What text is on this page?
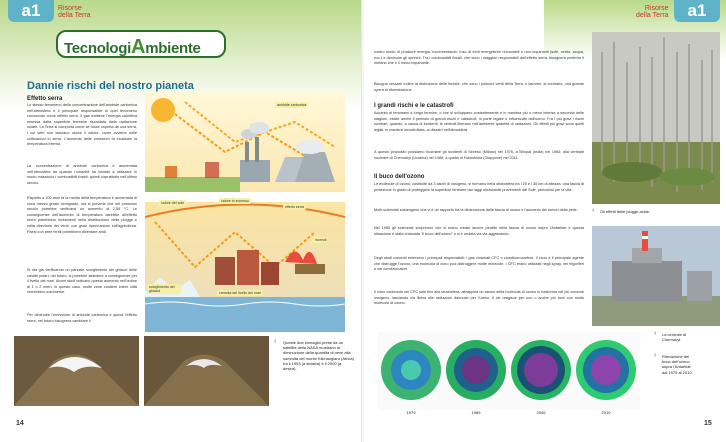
a1	Risorse
della Terra
TecnologiAmbiente
Dannie rischi del nostro pianeta
Effetto serra
Lo stesso fenomeno della concentrazione dell'anidride carbonica nell'atmosfera è il principale responsabile di quel fenomeno conosciuto come effetto serra. Il gas trattiene l'energia calorifica emessa dalla superficie terrestre riscaldata dalla radiazione solare. La Terra si comporta come se fosse coperta da una serra, i cui vetri non lasciano uscire il calore, come avviene nelle coltivazioni in serra. L'aumento delle emissioni fa innalzare la temperatura interna.
La concentrazione di anidride carbonica è aumentata nell'atmosfera da quando l'umanità ha iniziato a utilizzare in modo massiccio i combustibili fossili, quindi soprattutto nell'ultimo secolo.
Rispetto a 100 anni fa la media della temperatura è aumentata di circa mezzo grado centigrado, ma si prevede che nel prossimo secolo potrebbe verificarsi un aumento di 2,55 °C. Le conseguenze dell'aumento di temperatura darebbe all'effetto serra potrebbero mutamenti nella distribuzione delle piogge e nella direzione dei venti, con gravi ripercussioni sull'agricoltura. Paesi con aree fertili potrebbero diventare aridi.
Si sta già verificando un parziale scioglimento dei ghiacci delle calotte polari, nel futuro, si potrebbe assistere a conseguenze per il livello dei mari. Alcuni studi indicano questo aumento nell'ordine di 1 o 2 metri, in questo caso, molte zone costiere intere città verrebbero sommerse.
Per diminuire l'emissione di anidride carbonica e quindi l'effetto serra, nel futuro bisognerà cambiare il
anidride carbonica
calore del sole	calore in eccesso
effetto serra
incendi
scioglimento dei ghiacci	crescita del livello dei mari
‹ Queste due immagini prese da un satellite della NASA mostrano la diminuzione della quantità di neve alla sommità del monte Kilimangiaro (Africa) tra il 1993 (a sinistra) e il 2000 (a destra).
14
a1
Risorse
della Terra
nostro modo di produrre energia, incrementando l'uso di fonti energetiche rinnovabili e non inquinanti (sole, vento, acqua, ecc.) e diminuire gli sprechi. Tra i combustibili fossili, che sono i maggiori responsabili dell'effetto serra, bisognerà preferire il metano che è il meno inquinante.
Bisogna cessare inoltre la distruzione delle foreste, che sono i polmoni verdi della Terra, e favorire, al contrario, una grande opera di riforestazione.
I grandi rischi e le catastrofi
Accanto ai fenomeni a lungo termine, o che si sviluppano costantemente e in maniera più o meno intensa a seconda delle stagioni, esiste anche il pericolo di grandi rischi e catastrofi, in parte legate o influenzate dall'uomo. Fra i più gravi i rischi nucleari, quando, a causa di incidenti, le centrali liberano nell'ambiente quantità di radiazioni. Gli effetti più gravi sono quelli legati, in maniera incontrollata, ai disastri nell'atmosfera.
A questo proposito possiamo ricordare gli incidenti di Seveso (Milano) nel 1976, a Bhopal (India) nel 1984, alla centrale nucleare di Chernobyl (Ucraina) nel 1986, a quella di Fukushima (Giappone) nel 2011.
Il buco dell'ozono
Le molecole di ozono, costituite da 3 atomi di ossigeno, si formano nella stratosfera tra i 25 e i 35 km di altezza, una fascia di protezione in grado di proteggere la superficie terrestre dai raggi ultravioletti provenienti dal Sole, pericolosi per la vita.
Molti scienziati sostengono che vi è un rapporto tra la diminuzione della fascia di ozono e l'aumento dei tumori della pelle.
Nel 1985 gli scienziati scoprirono che si erano create lacune perdite nella fascia di ozono sopra l'Antartide e questa situazione è stata chiamata "il buco dell'ozono" e si è andata via via aggravando.
Degli studi condotti emersero i principali responsabili: i gas chiamati CFC o clorofluorocarburi. Il cloro è il principale agente che distrugge l'ozono, una molecola di cloro può distruggere molte molecole. I CFC erano utilizzati negli spray, nei frigoriferi e nei condizionatori.
Il cloro contenuto nei CFC sale fino alla stratosfera, attrappola un atomo della molecola di ozono lo trasforma nel più comune ossigeno, lasciando via libera alle radiazioni dannose per l'uomo. Il cfc reagisce per uno o anche più anni con molte molecole di ozono.
1979	1989	2006	2010
‹ Gli effetti delle piogge acide.
‹ La centrale di
Chernobyl.
‹ Rilevazione del
buco dell'ozono
sopra l'Antartide
dal 1979 al 2010.
15
